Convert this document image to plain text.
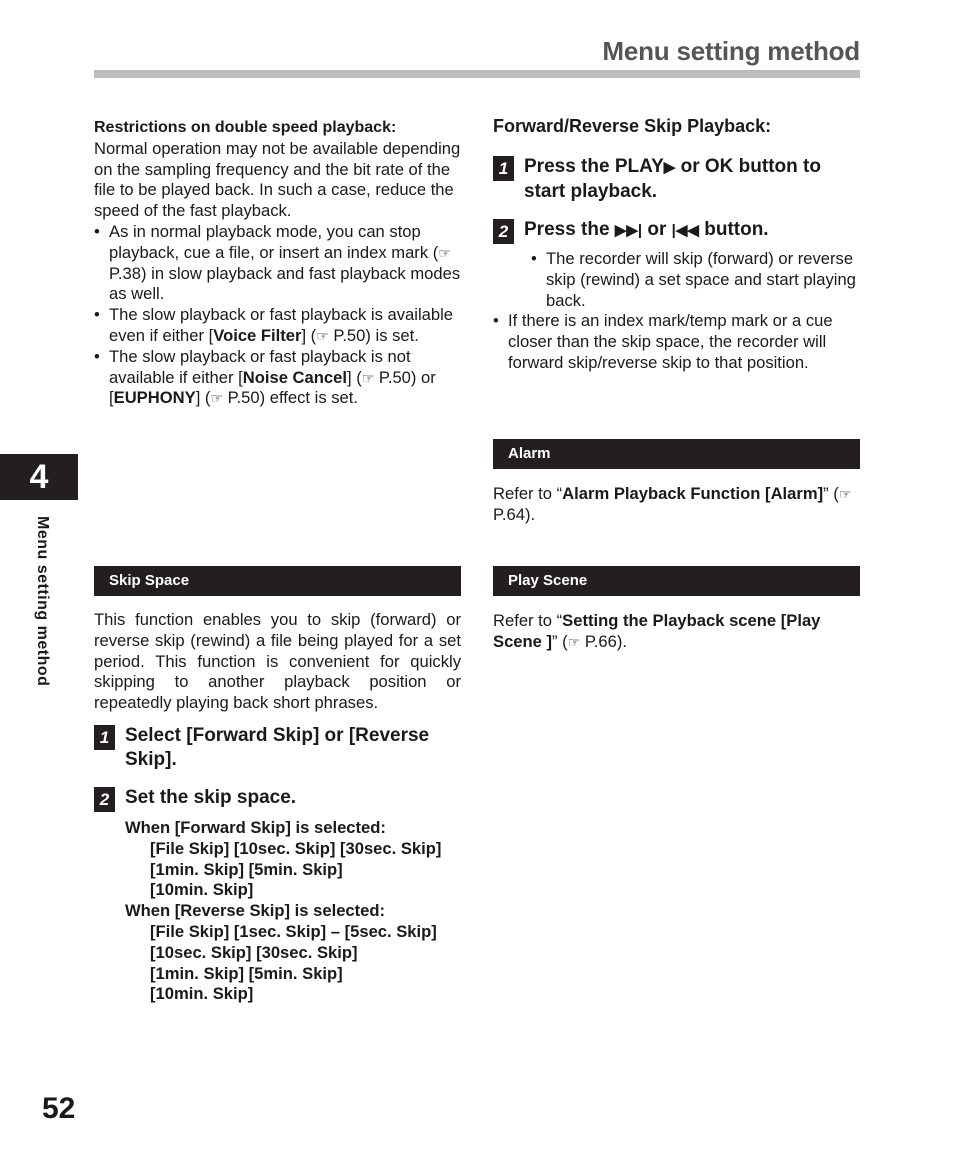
Menu setting method
4
Menu setting method

Restrictions on double speed playback:

Normal operation may not be available depending on the sampling frequency and the bit rate of the file to be played back. In such a case, reduce the speed of the fast playback.

• As in normal playback mode, you can stop playback, cue a file, or insert an index mark (☞ P.38) in slow playback and fast playback modes as well.
• The slow playback or fast playback is available even if either [Voice Filter] (☞ P.50) is set.
• The slow playback or fast playback is not available if either [Noise Cancel] (☞ P.50) or [EUPHONY] (☞ P.50) effect is set.
Skip Space

This function enables you to skip (forward) or reverse skip (rewind) a file being played for a set period. This function is convenient for quickly skipping to another playback position or repeatedly playing back short phrases.

1 Select [Forward Skip] or [Reverse Skip].
2 Set the skip space.

When [Forward Skip] is selected:

[File Skip] [10sec. Skip] [30sec. Skip]

[1min. Skip] [5min. Skip]

[10min. Skip]

When [Reverse Skip] is selected:

[File Skip] [1sec. Skip] – [5sec. Skip]

[10sec. Skip] [30sec. Skip]

[1min. Skip] [5min. Skip]

[10min. Skip]

Forward/Reverse Skip Playback:

1 Press the PLAY▶ or OK button to start playback.
2 Press the ▶▶| or |◀◀ button.
• The recorder will skip (forward) or reverse skip (rewind) a set space and start playing back.
• If there is an index mark/temp mark or a cue closer than the skip space, the recorder will forward skip/reverse skip to that position.
Alarm

Refer to “Alarm Playback Function [Alarm]” (☞ P.64).

Play Scene

Refer to “Setting the Playback scene [Play Scene ]” (☞ P.66).

52
